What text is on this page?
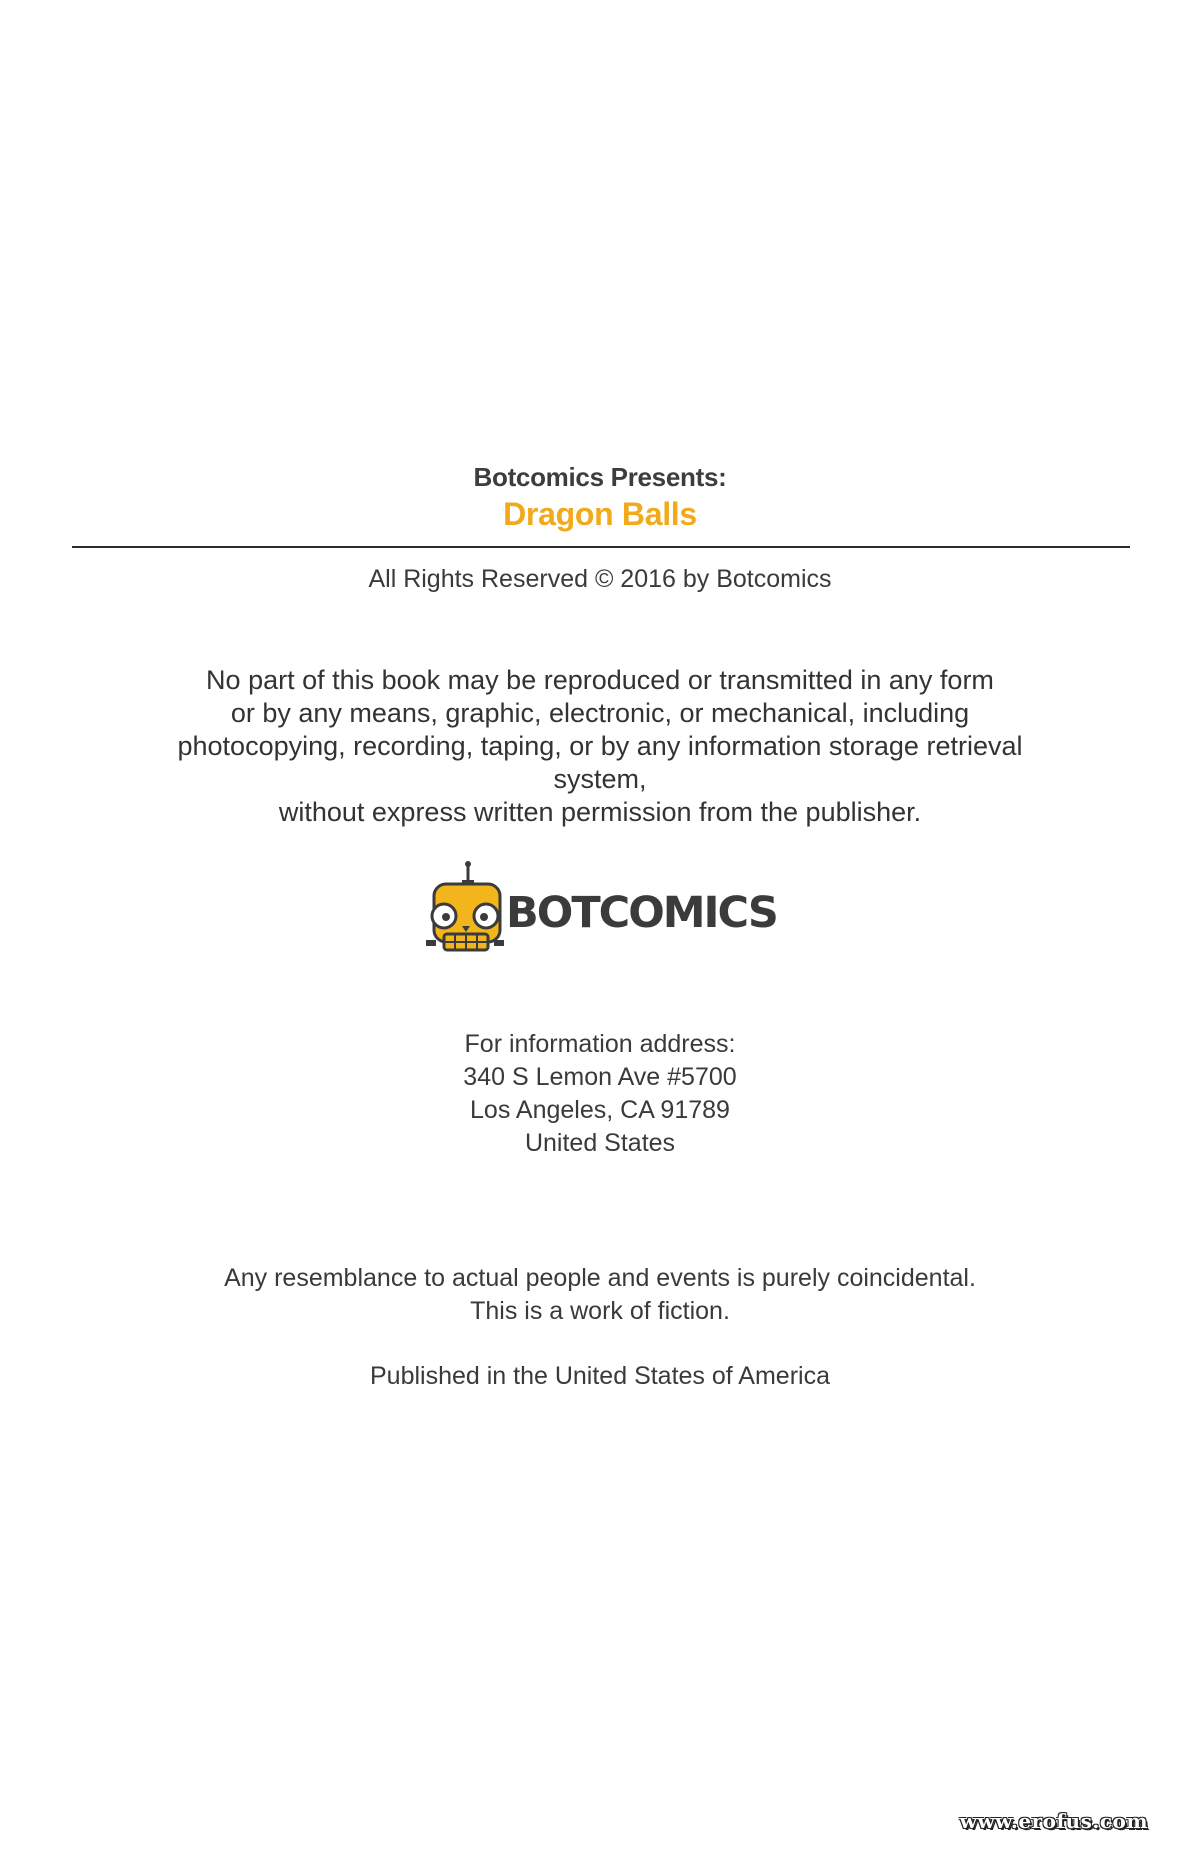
Botcomics Presents:
Dragon Balls
All Rights Reserved © 2016 by Botcomics
No part of this book may be reproduced or transmitted in any form
or by any means, graphic, electronic, or mechanical, including
photocopying, recording, taping, or by any information storage retrieval
system,
without express written permission from the publisher.
BOTCOMICS
For information address:
340 S Lemon Ave #5700
Los Angeles, CA 91789
United States
Any resemblance to actual people and events is purely coincidental.
This is a work of fiction.
Published in the United States of America
www.erofus.com
